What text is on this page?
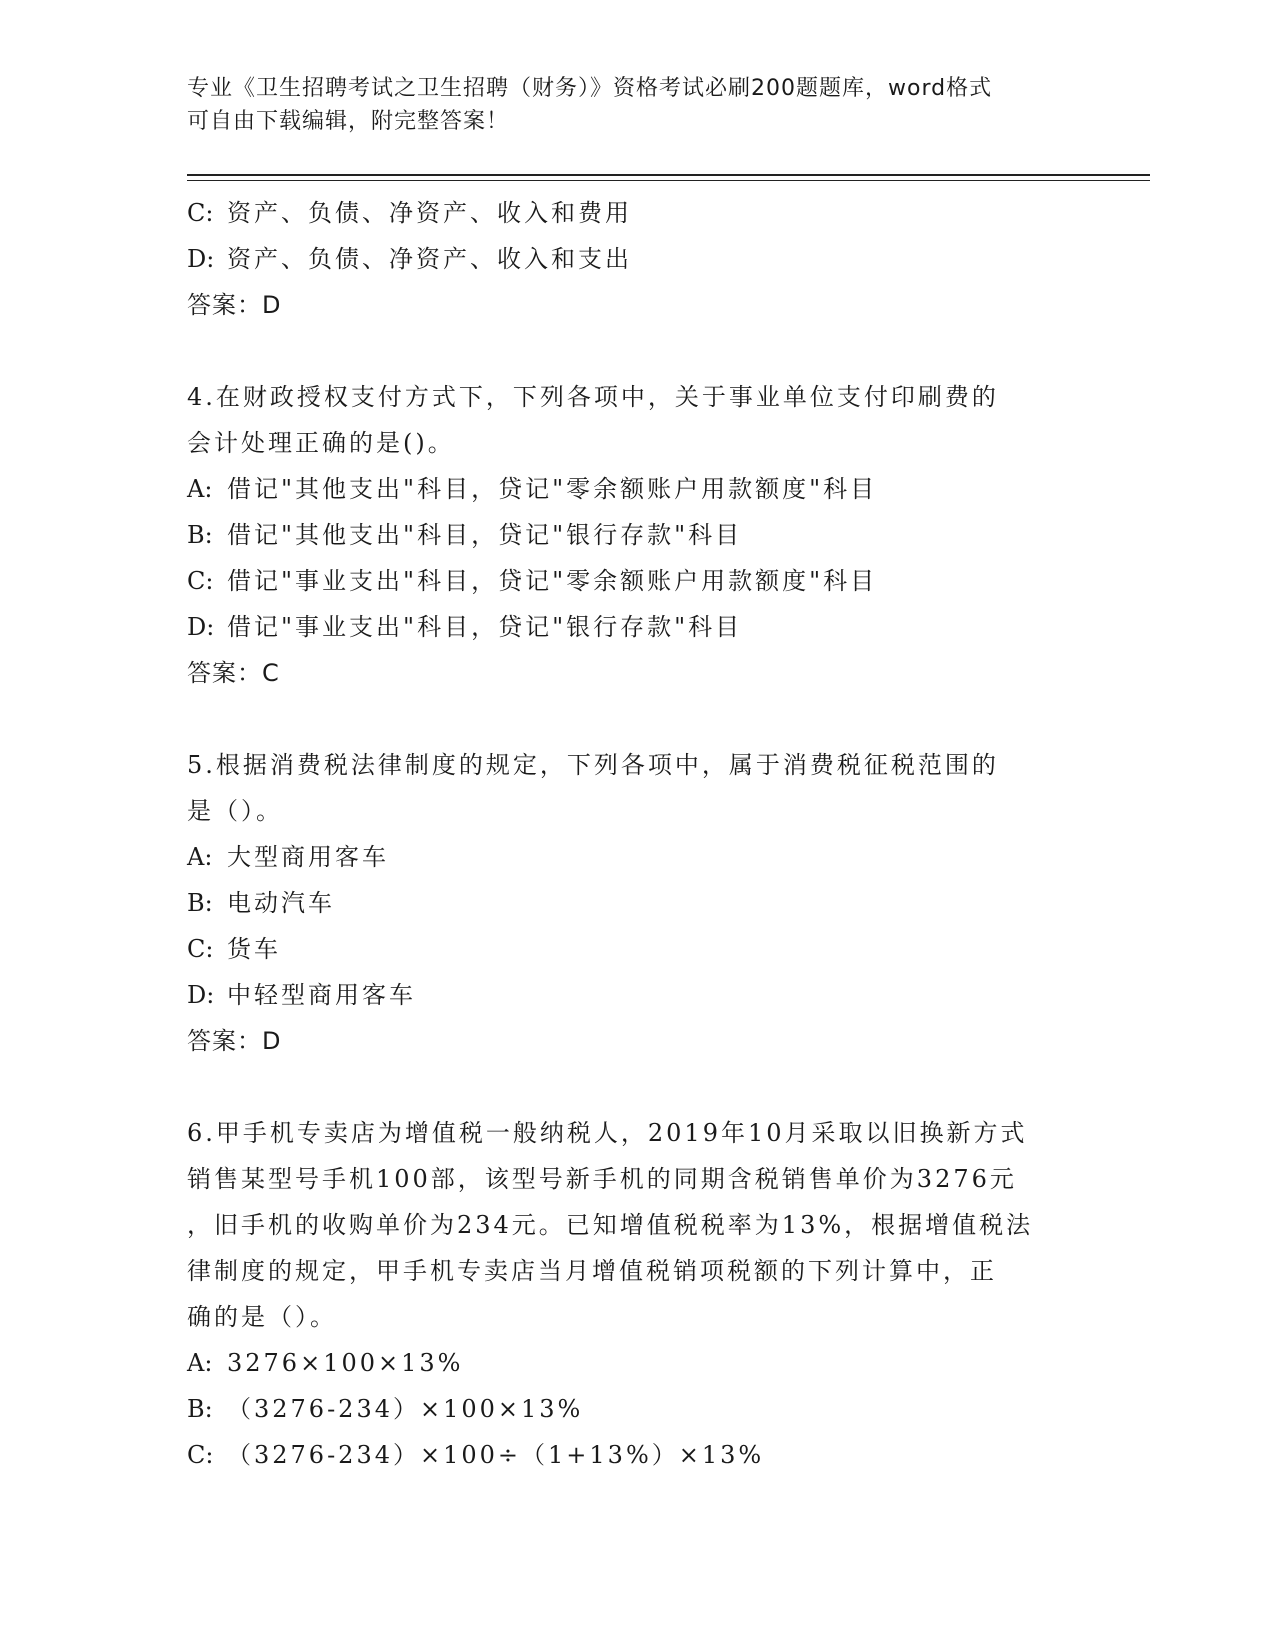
专业《卫生招聘考试之卫生招聘（财务）》资格考试必刷200题题库，word格式
可自由下载编辑，附完整答案！
C: 资产、负债、净资产、收入和费用
D: 资产、负债、净资产、收入和支出
答案：D
4.在财政授权支付方式下，下列各项中，关于事业单位支付印刷费的
会计处理正确的是()。
A: 借记"其他支出"科目，贷记"零余额账户用款额度"科目
B: 借记"其他支出"科目，贷记"银行存款"科目
C: 借记"事业支出"科目，贷记"零余额账户用款额度"科目
D: 借记"事业支出"科目，贷记"银行存款"科目
答案：C
5.根据消费税法律制度的规定，下列各项中，属于消费税征税范围的
是（）。
A: 大型商用客车
B: 电动汽车
C: 货车
D: 中轻型商用客车
答案：D
6.甲手机专卖店为增值税一般纳税人，2019年10月采取以旧换新方式
销售某型号手机100部，该型号新手机的同期含税销售单价为3276元
，旧手机的收购单价为234元。已知增值税税率为13%，根据增值税法
律制度的规定，甲手机专卖店当月增值税销项税额的下列计算中，正
确的是（）。
A: 3276×100×13%
B: （3276-234）×100×13%
C: （3276-234）×100÷（1+13%）×13%
